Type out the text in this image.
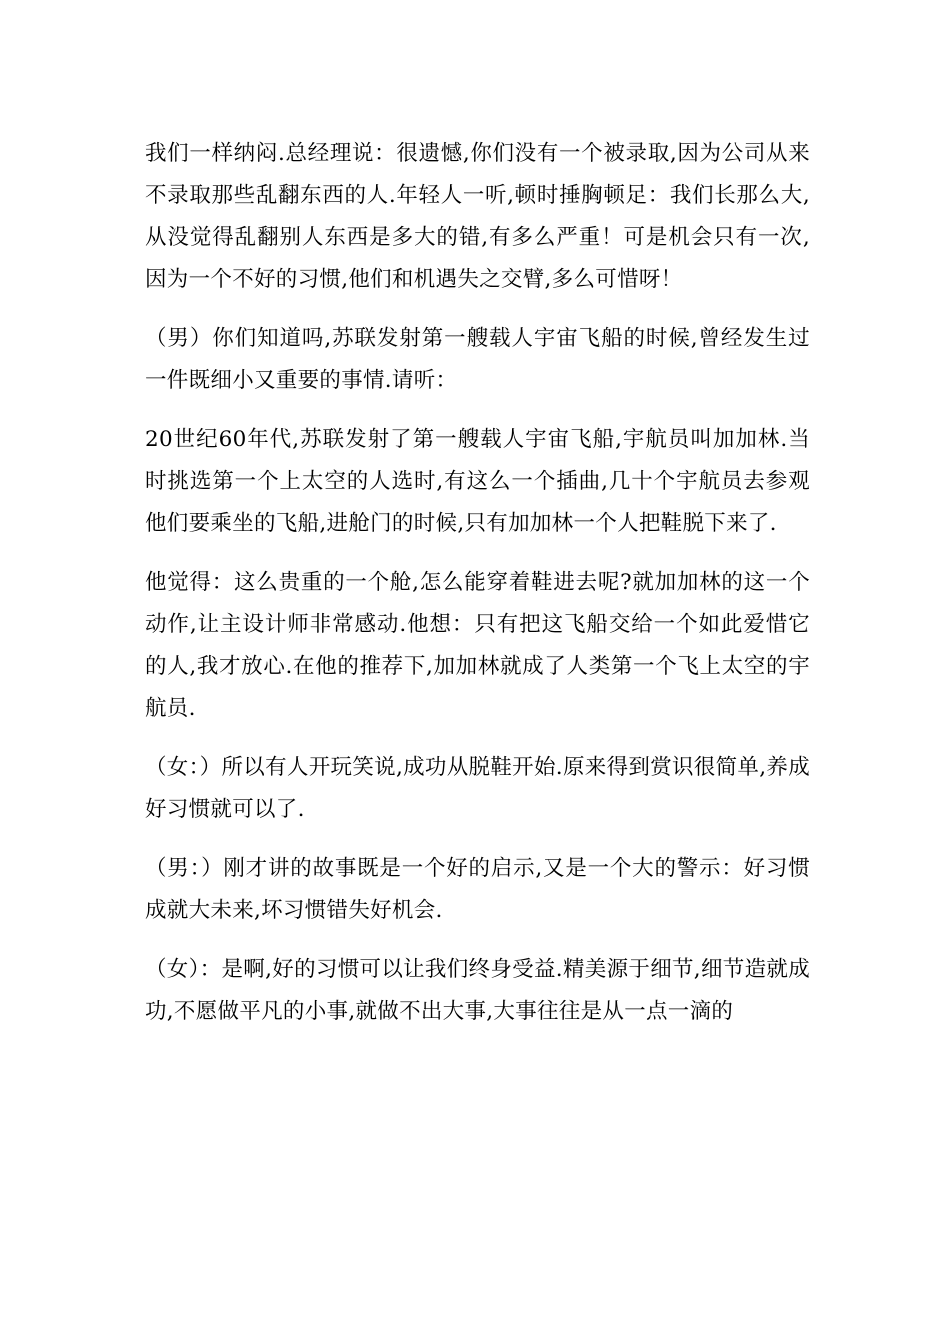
我们一样纳闷.总经理说：很遗憾,你们没有一个被录取,因为公司从来不录取那些乱翻东西的人.年轻人一听,顿时捶胸顿足：我们长那么大,从没觉得乱翻别人东西是多大的错,有多么严重！可是机会只有一次,因为一个不好的习惯,他们和机遇失之交臂,多么可惜呀！

（男）你们知道吗,苏联发射第一艘载人宇宙飞船的时候,曾经发生过一件既细小又重要的事情.请听：

20世纪60年代,苏联发射了第一艘载人宇宙飞船,宇航员叫加加林.当时挑选第一个上太空的人选时,有这么一个插曲,几十个宇航员去参观他们要乘坐的飞船,进舱门的时候,只有加加林一个人把鞋脱下来了.

他觉得：这么贵重的一个舱,怎么能穿着鞋进去呢?就加加林的这一个动作,让主设计师非常感动.他想：只有把这飞船交给一个如此爱惜它的人,我才放心.在他的推荐下,加加林就成了人类第一个飞上太空的宇航员.

（女：）所以有人开玩笑说,成功从脱鞋开始.原来得到赏识很简单,养成好习惯就可以了.

（男：）刚才讲的故事既是一个好的启示,又是一个大的警示：好习惯成就大未来,坏习惯错失好机会.

（女）：是啊,好的习惯可以让我们终身受益.精美源于细节,细节造就成功,不愿做平凡的小事,就做不出大事,大事往往是从一点一滴的
